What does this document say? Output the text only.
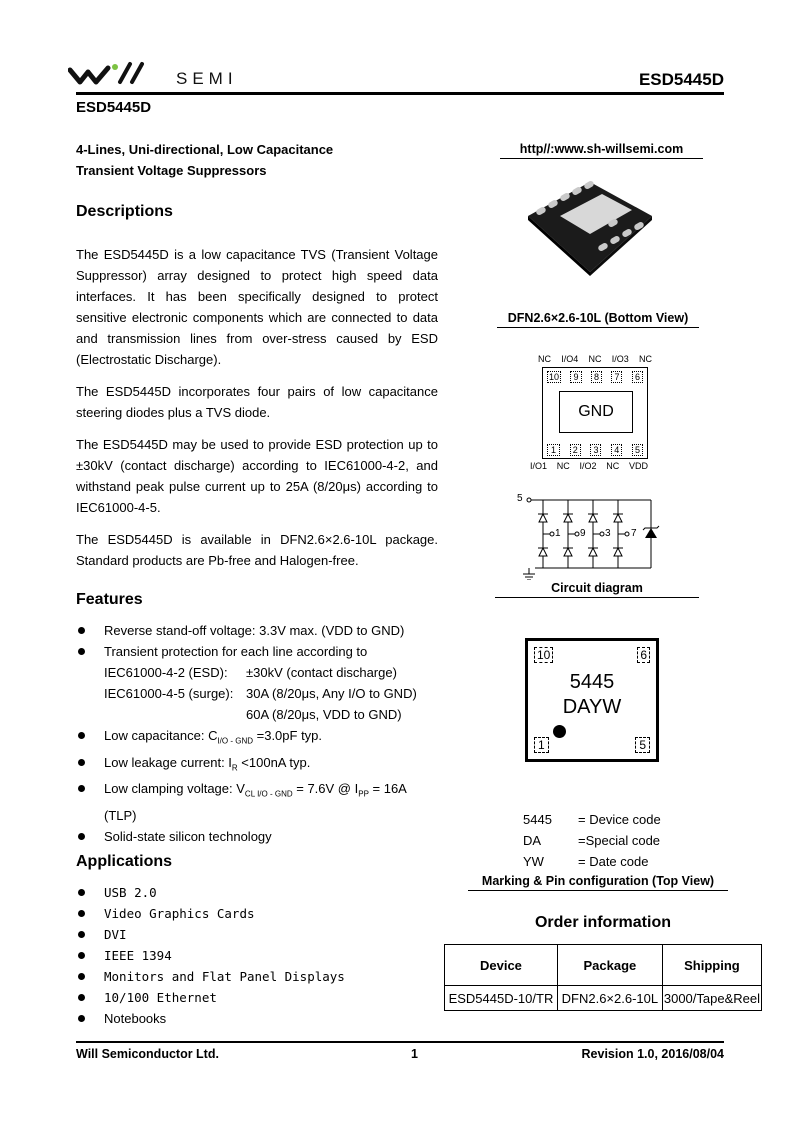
SEMI	ESD5445D
ESD5445D
4-Lines, Uni-directional, Low Capacitance
Transient Voltage Suppressors
Descriptions

The ESD5445D is a low capacitance TVS (Transient Voltage Suppressor) array designed to protect high speed data interfaces. It has been specifically designed to protect sensitive electronic components which are connected to data and transmission lines from over-stress caused by ESD (Electrostatic Discharge).

The ESD5445D incorporates four pairs of low capacitance steering diodes plus a TVS diode.

The ESD5445D may be used to provide ESD protection up to ±30kV (contact discharge) according to IEC61000-4-2, and withstand peak pulse current up to 25A (8/20μs) according to IEC61000-4-5.

The ESD5445D is available in DFN2.6×2.6-10L package. Standard products are Pb-free and Halogen-free.

Features
Reverse stand-off voltage: 3.3V max. (VDD to GND)
Transient protection for each line according to
IEC61000-4-2 (ESD): ±30kV (contact discharge)
IEC61000-4-5 (surge): 30A (8/20μs, Any I/O to GND)
60A (8/20μs, VDD to GND)
Low capacitance: $C_{I/O - GND} =3.0pF$ typ.
Low leakage current: $I_R <100nA$ typ.
Low clamping voltage: $V_{CL I/O - GND} = 7.6V$ @ $I_{PP} = 16A$
(TLP)
Solid-state silicon technology
Applications
USB 2.0
Video Graphics Cards
DVI
IEEE 1394
Monitors and Flat Panel Displays
10/100 Ethernet
Notebooks
http//:www.sh-willsemi.com
DFN2.6×2.6-10L (Bottom View)
NC I/O4 NC I/O3 NC
10	9	8	7	6
GND
1	2	3	4	5
I/O1 NC I/O2 NC VDD
5
1 9 3 7
Circuit diagram
10	6
5445
DAYW
1	5
5445 = Device code
DA	=Special code
YW	= Date code
Marking & Pin configuration (Top View)
Order information
Device	Package	Shipping
ESD5445D-10/TR	DFN2.6×2.6-10L	3000/Tape&Reel
Will Semiconductor Ltd.	1	Revision 1.0, 2016/08/04
